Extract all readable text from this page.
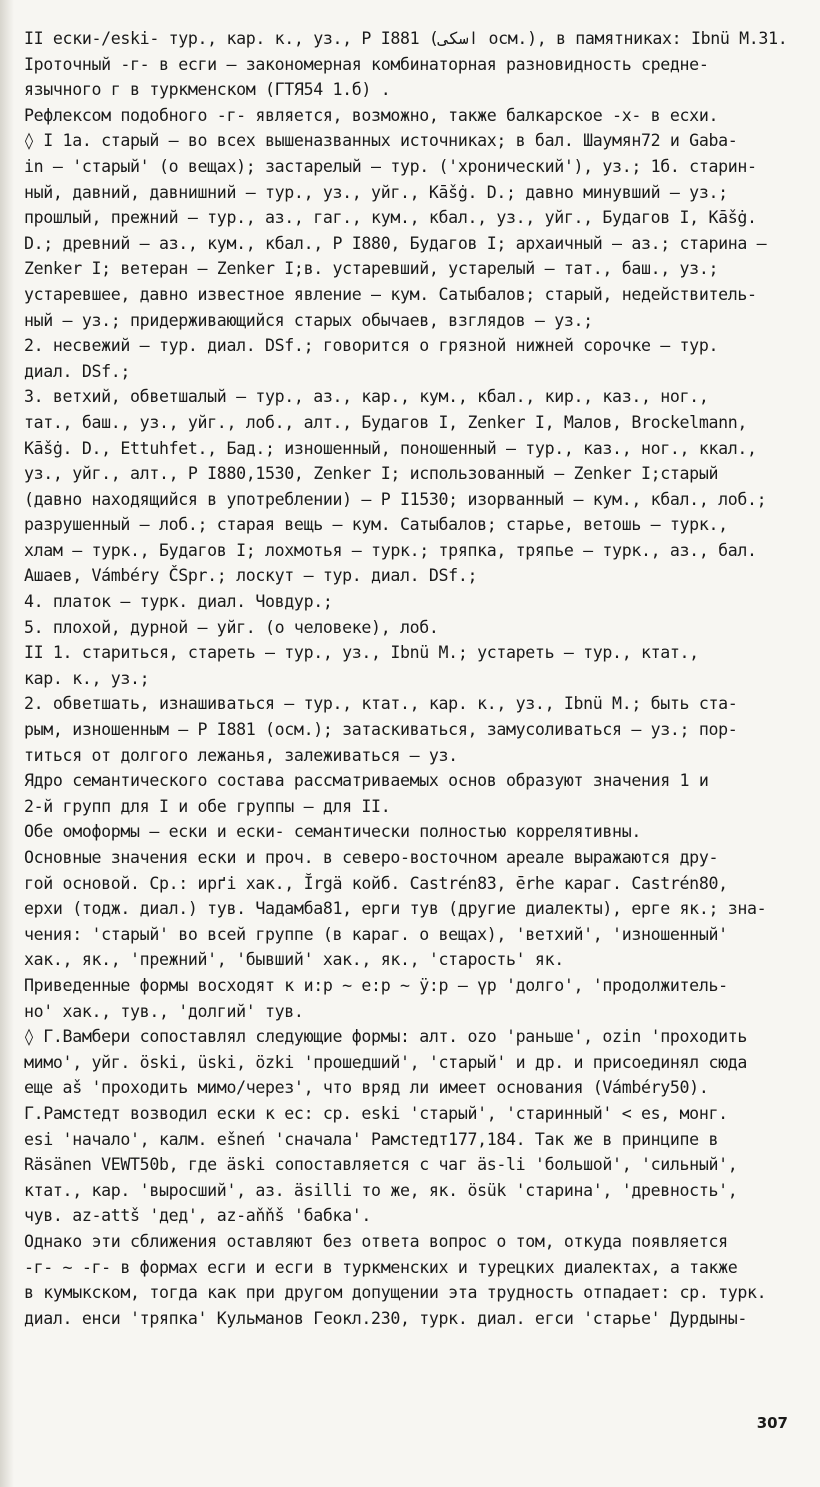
II ески-/eski- тур., кар. к., уз., Р I881 (اسكى осм.), в памятниках: Ibnü M.31.
Іроточный -г- в есги – закономерная комбинаторная разновидность средне-
язычного г в туркменском (ГТЯ54 1.б) .
Рефлексом подобного -г- является, возможно, также балкарское -х- в есхи.
◊ I 1a. старый – во всех вышеназванных источниках; в бал. Шаумян72 и Gaba-
in – 'старый' (о вещах); застарелый – тур. ('хронический'), уз.; 1б. старин-
ный, давний, давнишний – тур., уз., уйг., Kāšġ. D.; давно минувший – уз.;
прошлый, прежний – тур., аз., гаг., кум., кбал., уз., уйг., Будагов I, Kāšġ.
D.; древний – аз., кум., кбал., Р I880, Будагов I; архаичный – аз.; старина –
Zenker I; ветеран – Zenker I;в. устаревший, устарелый – тат., баш., уз.;
устаревшее, давно известное явление – кум. Сатыбалов; старый, недействитель-
ный – уз.; придерживающийся старых обычаев, взглядов – уз.;
2. несвежий – тур. диал. DSf.; говорится о грязной нижней сорочке – тур.
диал. DSf.;
3. ветхий, обветшалый – тур., аз., кар., кум., кбал., кир., каз., ног.,
тат., баш., уз., уйг., лоб., алт., Будагов I, Zenker I, Малов, Brockelmann,
Kāšġ. D., Ettuhfet., Бад.; изношенный, поношенный – тур., каз., ног., ккал.,
уз., уйг., алт., Р I880,1530, Zenker I; использованный – Zenker I;старый
(давно находящийся в употреблении) – Р I1530; изорванный – кум., кбал., лоб.;
разрушенный – лоб.; старая вещь – кум. Сатыбалов; старье, ветошь – турк.,
хлам – турк., Будагов I; лохмотья – турк.; тряпка, тряпье – турк., аз., бал.
Ашаев, Vámbéry ČSpr.; лоскут – тур. диал. DSf.;
4. платок – турк. диал. Човдур.;
5. плохой, дурной – уйг. (о человеке), лоб.
II 1. стариться, стареть – тур., уз., Ibnü M.; устареть – тур., ктат.,
кар. к., уз.;
2. обветшать, изнашиваться – тур., ктат., кар. к., уз., Ibnü M.; быть ста-
рым, изношенным – Р I881 (осм.); затаскиваться, замусоливаться – уз.; пор-
титься от долгого лежанья, залеживаться – уз.
Ядро семантического состава рассматриваемых основ образуют значения 1 и
2-й групп для I и обе группы – для II.
Обе омоформы – ески и ески- семантически полностью коррелятивны.
Основные значения ески и проч. в северо-восточном ареале выражаются дру-
гой основой. Ср.: ирґі хак., Ĭrgä койб. Castrén83, ērhe караг. Castrén80,
ерхи (тодж. диал.) тув. Чадамба81, ерги тув (другие диалекты), ерге як.; зна-
чения: 'старый' во всей группе (в караг. о вещах), 'ветхий', 'изношенный'
хак., як., 'прежний', 'бывший' хак., як., 'старость' як.
Приведенные формы восходят к и:р ~ е:р ~ ӱ:р – үр 'долго', 'продолжитель-
но' хак., тув., 'долгий' тув.
◊ Г.Вамбери сопоставлял следующие формы: алт. ozo 'раньше', ozin 'проходить
мимо', уйг. öski, üski, özki 'прошедший', 'старый' и др. и присоединял сюда
еще aš 'проходить мимо/через', что вряд ли имеет основания (Vámbéry50).
Г.Рамстедт возводил ески к ес: ср. eski 'старый', 'старинный' < es, монг.
esi 'начало', калм. ešneń 'сначала' Рамстедт177,184. Так же в принципе в
Räsänen VEWT50b, где äski сопоставляется с чаг äs-li 'большой', 'сильный',
ктат., кар. 'выросший', аз. äsilli то же, як. ösük 'старина', 'древность',
чув. az-attš 'дед', az-aňňš 'бабка'.
Однако эти сближения оставляют без ответа вопрос о том, откуда появляется
-г- ~ -г- в формах есги и есги в туркменских и турецких диалектах, а также
в кумыкском, тогда как при другом допущении эта трудность отпадает: ср. турк.
диал. енси 'тряпка' Кульманов Геокл.230, турк. диал. егси 'старье' Дурдыны-
307
